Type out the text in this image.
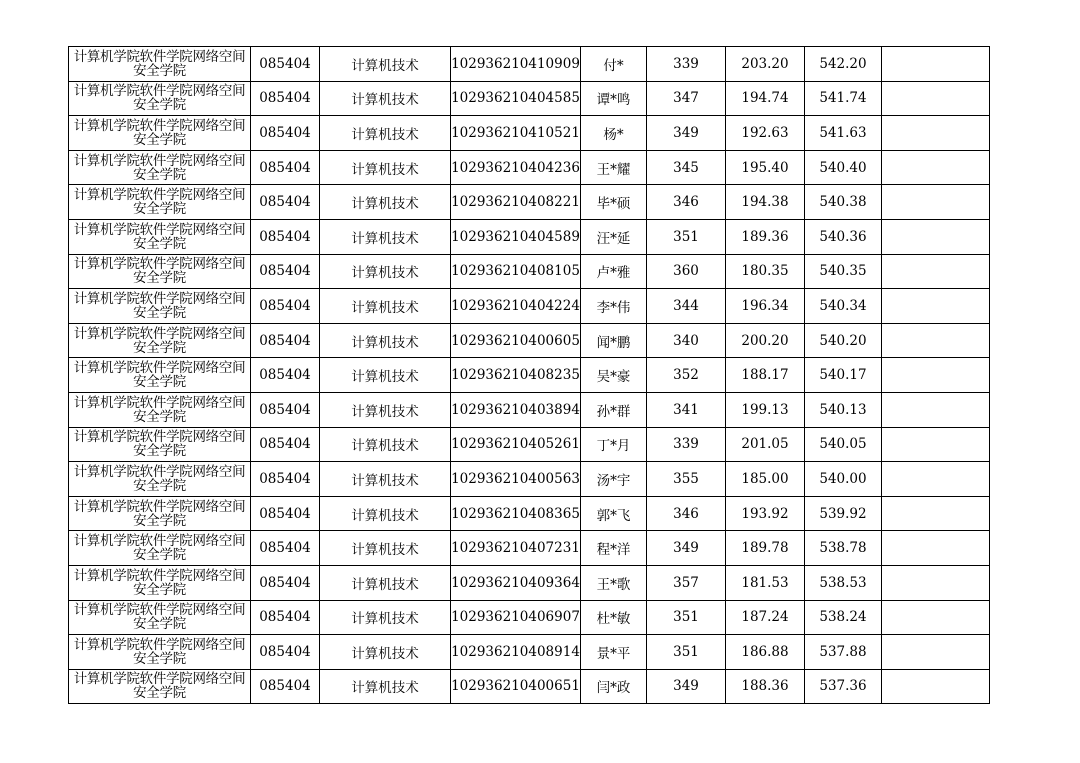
计算机学院软件学院网络空间安全学院	085404	计算机技术	102936210410909	付*	339	203.20	542.20	
计算机学院软件学院网络空间安全学院	085404	计算机技术	102936210404585	谭*鸣	347	194.74	541.74	
计算机学院软件学院网络空间安全学院	085404	计算机技术	102936210410521	杨*	349	192.63	541.63	
计算机学院软件学院网络空间安全学院	085404	计算机技术	102936210404236	王*耀	345	195.40	540.40	
计算机学院软件学院网络空间安全学院	085404	计算机技术	102936210408221	毕*硕	346	194.38	540.38	
计算机学院软件学院网络空间安全学院	085404	计算机技术	102936210404589	汪*延	351	189.36	540.36	
计算机学院软件学院网络空间安全学院	085404	计算机技术	102936210408105	卢*雅	360	180.35	540.35	
计算机学院软件学院网络空间安全学院	085404	计算机技术	102936210404224	李*伟	344	196.34	540.34	
计算机学院软件学院网络空间安全学院	085404	计算机技术	102936210400605	闻*鹏	340	200.20	540.20	
计算机学院软件学院网络空间安全学院	085404	计算机技术	102936210408235	吴*豪	352	188.17	540.17	
计算机学院软件学院网络空间安全学院	085404	计算机技术	102936210403894	孙*群	341	199.13	540.13	
计算机学院软件学院网络空间安全学院	085404	计算机技术	102936210405261	丁*月	339	201.05	540.05	
计算机学院软件学院网络空间安全学院	085404	计算机技术	102936210400563	汤*宇	355	185.00	540.00	
计算机学院软件学院网络空间安全学院	085404	计算机技术	102936210408365	郭*飞	346	193.92	539.92	
计算机学院软件学院网络空间安全学院	085404	计算机技术	102936210407231	程*洋	349	189.78	538.78	
计算机学院软件学院网络空间安全学院	085404	计算机技术	102936210409364	王*歌	357	181.53	538.53	
计算机学院软件学院网络空间安全学院	085404	计算机技术	102936210406907	杜*敏	351	187.24	538.24	
计算机学院软件学院网络空间安全学院	085404	计算机技术	102936210408914	景*平	351	186.88	537.88	
计算机学院软件学院网络空间安全学院	085404	计算机技术	102936210400651	闫*政	349	188.36	537.36	
